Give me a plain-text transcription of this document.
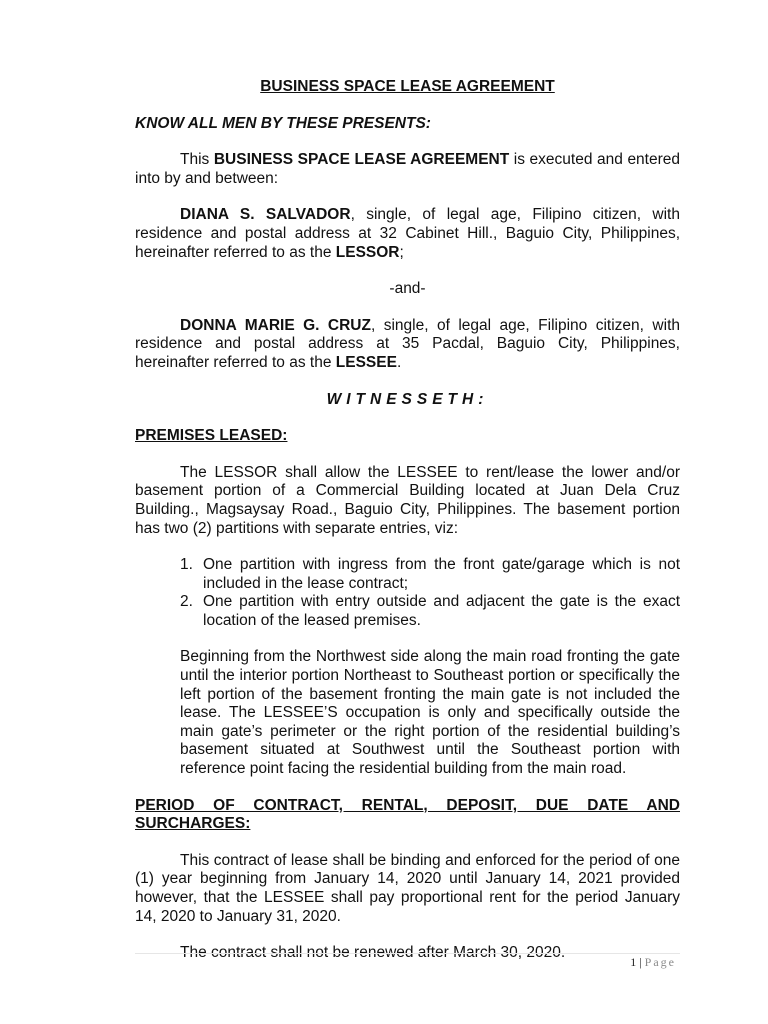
BUSINESS SPACE LEASE AGREEMENT
KNOW ALL MEN BY THESE PRESENTS:
This BUSINESS SPACE LEASE AGREEMENT is executed and entered into by and between:
DIANA S. SALVADOR, single, of legal age, Filipino citizen, with residence and postal address at 32 Cabinet Hill., Baguio City, Philippines, hereinafter referred to as the LESSOR;
-and-
DONNA MARIE G. CRUZ, single, of legal age, Filipino citizen, with residence and postal address at 35 Pacdal, Baguio City, Philippines, hereinafter referred to as the LESSEE.
WITNESSETH:
PREMISES LEASED:
The LESSOR shall allow the LESSEE to rent/lease the lower and/or basement portion of a Commercial Building located at Juan Dela Cruz Building., Magsaysay Road., Baguio City, Philippines. The basement portion has two (2) partitions with separate entries, viz:
1. One partition with ingress from the front gate/garage which is not included in the lease contract;
2. One partition with entry outside and adjacent the gate is the exact location of the leased premises.
Beginning from the Northwest side along the main road fronting the gate until the interior portion Northeast to Southeast portion or specifically the left portion of the basement fronting the main gate is not included the lease. The LESSEE’S occupation is only and specifically outside the main gate’s perimeter or the right portion of the residential building’s basement situated at Southwest until the Southeast portion with reference point facing the residential building from the main road.
PERIOD OF CONTRACT, RENTAL, DEPOSIT, DUE DATE AND SURCHARGES:
This contract of lease shall be binding and enforced for the period of one (1) year beginning from January 14, 2020 until January 14, 2021 provided however, that the LESSEE shall pay proportional rent for the period January 14, 2020 to January 31, 2020.
The contract shall not be renewed after March 30, 2020.
1 | Page
